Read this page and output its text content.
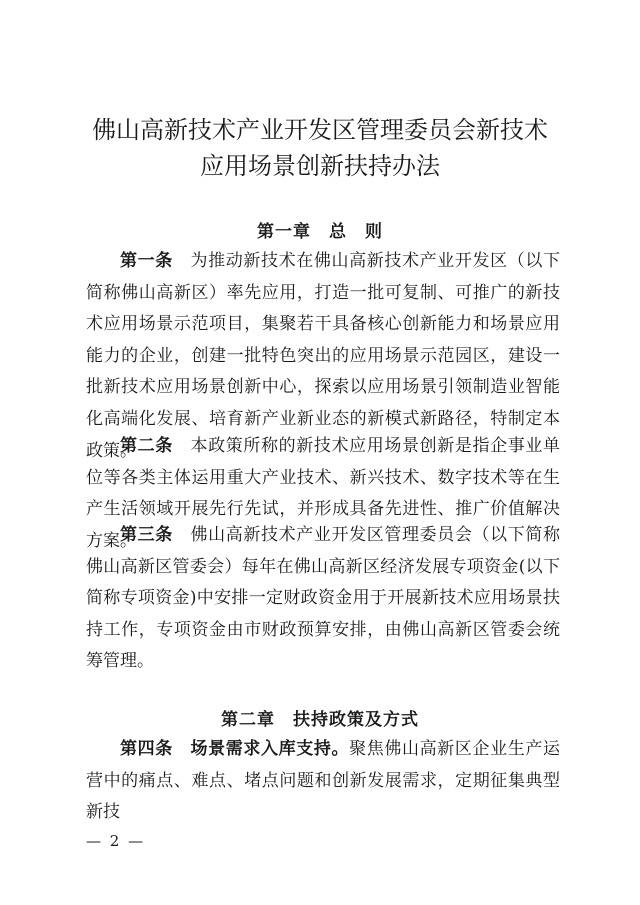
佛山高新技术产业开发区管理委员会新技术
应用场景创新扶持办法
第一章　总　则

第一条　为推动新技术在佛山高新技术产业开发区（以下简称佛山高新区）率先应用，打造一批可复制、可推广的新技术应用场景示范项目，集聚若干具备核心创新能力和场景应用能力的企业，创建一批特色突出的应用场景示范园区，建设一批新技术应用场景创新中心，探索以应用场景引领制造业智能化高端化发展、培育新产业新业态的新模式新路径，特制定本政策。

第二条　本政策所称的新技术应用场景创新是指企事业单位等各类主体运用重大产业技术、新兴技术、数字技术等在生产生活领域开展先行先试，并形成具备先进性、推广价值解决方案。

第三条　佛山高新技术产业开发区管理委员会（以下简称佛山高新区管委会）每年在佛山高新区经济发展专项资金(以下简称专项资金)中安排一定财政资金用于开展新技术应用场景扶持工作，专项资金由市财政预算安排，由佛山高新区管委会统筹管理。

第二章　扶持政策及方式

第四条　场景需求入库支持。聚焦佛山高新区企业生产运营中的痛点、难点、堵点问题和创新发展需求，定期征集典型新技

— 2 —
